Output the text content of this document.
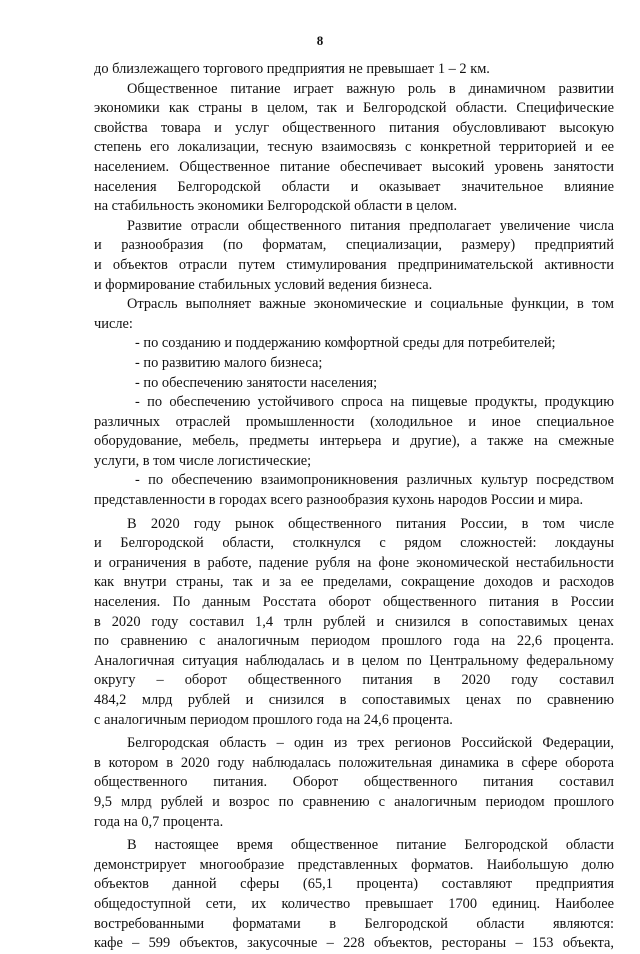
8
до близлежащего торгового предприятия не превышает 1 – 2 км.
Общественное питание играет важную роль в динамичном развитии
экономики как страны в целом, так и Белгородской области. Специфические
свойства товара и услуг общественного питания обусловливают высокую
степень его локализации, тесную взаимосвязь с конкретной территорией и ее
населением. Общественное питание обеспечивает высокий уровень занятости
населения Белгородской области и оказывает значительное влияние
на стабильность экономики Белгородской области в целом.
Развитие отрасли общественного питания предполагает увеличение числа
и разнообразия (по форматам, специализации, размеру) предприятий
и объектов отрасли путем стимулирования предпринимательской активности
и формирование стабильных условий ведения бизнеса.
Отрасль выполняет важные экономические и социальные функции, в том
числе:
- по созданию и поддержанию комфортной среды для потребителей;
- по развитию малого бизнеса;
- по обеспечению занятости населения;
- по обеспечению устойчивого спроса на пищевые продукты, продукцию
различных отраслей промышленности (холодильное и иное специальное
оборудование, мебель, предметы интерьера и другие), а также на смежные
услуги, в том числе логистические;
- по обеспечению взаимопроникновения различных культур посредством
представленности в городах всего разнообразия кухонь народов России и мира.
В 2020 году рынок общественного питания России, в том числе
и Белгородской области, столкнулся с рядом сложностей: локдауны
и ограничения в работе, падение рубля на фоне экономической нестабильности
как внутри страны, так и за ее пределами, сокращение доходов и расходов
населения. По данным Росстата оборот общественного питания в России
в 2020 году составил 1,4 трлн рублей и снизился в сопоставимых ценах
по сравнению с аналогичным периодом прошлого года на 22,6 процента.
Аналогичная ситуация наблюдалась и в целом по Центральному федеральному
округу – оборот общественного питания в 2020 году составил
484,2 млрд рублей и снизился в сопоставимых ценах по сравнению
с аналогичным периодом прошлого года на 24,6 процента.
Белгородская область – один из трех регионов Российской Федерации,
в котором в 2020 году наблюдалась положительная динамика в сфере оборота
общественного питания. Оборот общественного питания составил
9,5 млрд рублей и возрос по сравнению с аналогичным периодом прошлого
года на 0,7 процента.
В настоящее время общественное питание Белгородской области
демонстрирует многообразие представленных форматов. Наибольшую долю
объектов данной сферы (65,1 процента) составляют предприятия
общедоступной сети, их количество превышает 1700 единиц. Наиболее
востребованными форматами в Белгородской области являются:
кафе – 599 объектов, закусочные – 228 объектов, рестораны – 153 объекта,
